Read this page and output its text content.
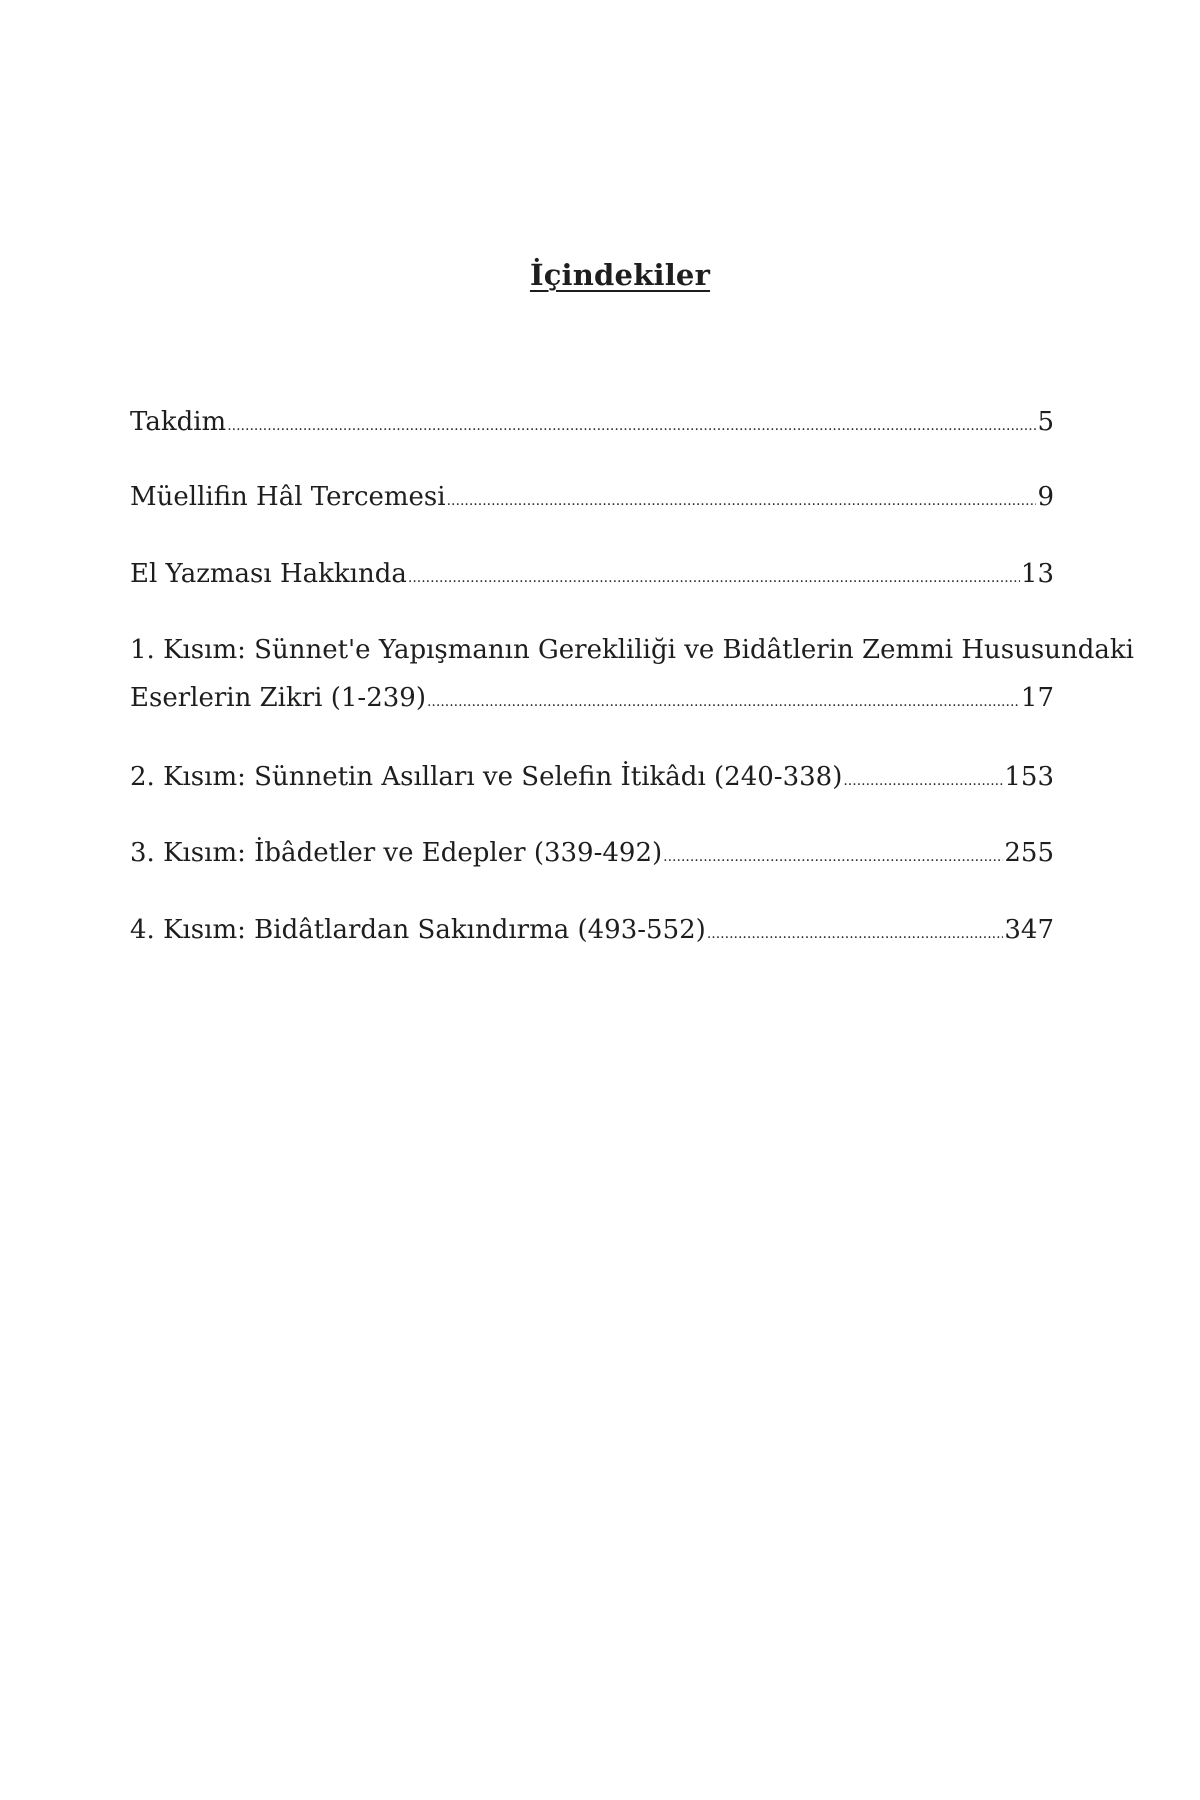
İçindekiler
Takdim .....	5
Müellifin Hâl Tercemesi .....	9
El Yazması Hakkında .....	13
1. Kısım: Sünnet'e Yapışmanın Gerekliliği ve Bidâtlerin Zemmi Hususundaki
Eserlerin Zikri (1-239) .....	17
2. Kısım: Sünnetin Asılları ve Selefin İtikâdı (240-338) .....	153
3. Kısım: İbâdetler ve Edepler (339-492) .....	255
4. Kısım: Bidâtlardan Sakındırma (493-552) .....	347
